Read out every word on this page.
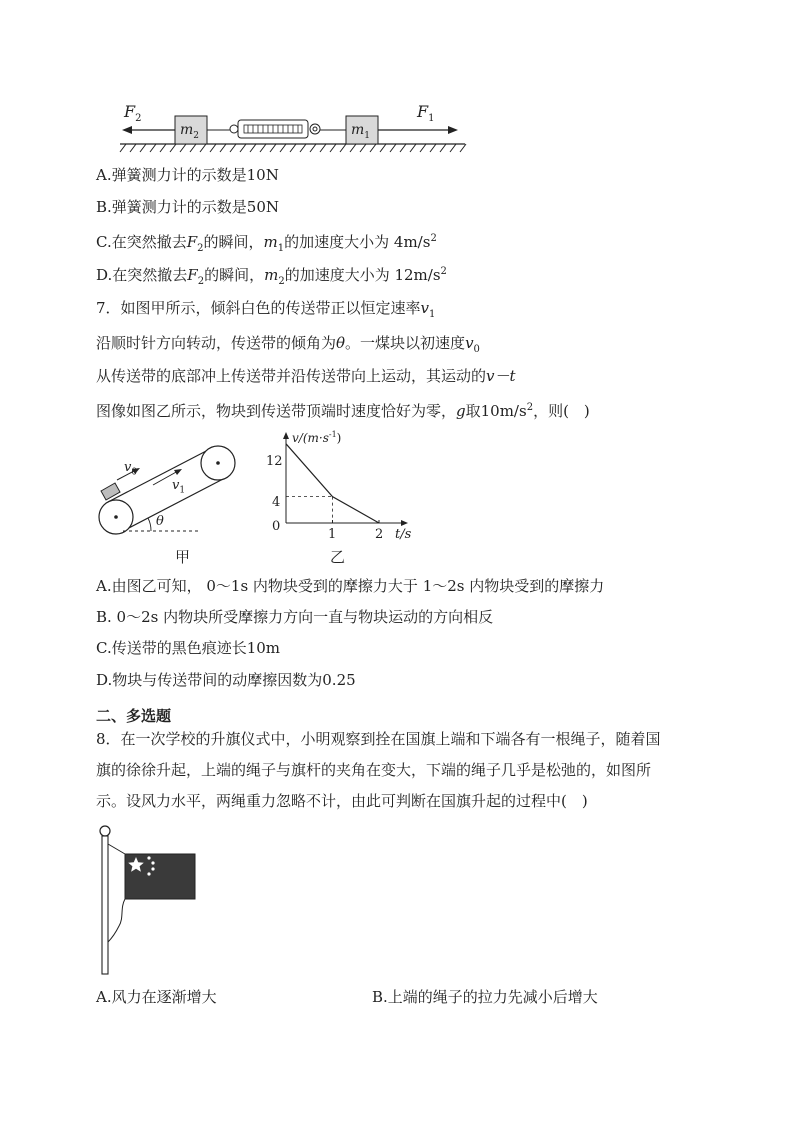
$F_2$
$m_2$	$m_1$
$F_1$
A.弹簧测力计的示数是10N
B.弹簧测力计的示数是50N
C.在突然撤去$F_2$的瞬间，$m_1$的加速度大小为 $4m/s^2$
D.在突然撤去$F_2$的瞬间，$m_2$的加速度大小为 $12m/s^2$
7．如图甲所示，倾斜白色的传送带正以恒定速率$v_1$
沿顺时针方向转动，传送带的倾角为θ。一煤块以初速度$v_0$
从传送带的底部冲上传送带并沿传送带向上运动，其运动的v－t
图像如图乙所示，物块到传送带顶端时速度恰好为零，g取$10m/s^2$，则(　)
$v_0$
$v_1$
θ
甲
$v/(m\cdot s^{-1})$
12
4
0
1	2 t/s
乙
A.由图乙可知， 0～1s 内物块受到的摩擦力大于 1～2s 内物块受到的摩擦力
B. 0～2s 内物块所受摩擦力方向一直与物块运动的方向相反
C.传送带的黑色痕迹长10m
D.物块与传送带间的动摩擦因数为0.25
二、多选题
8．在一次学校的升旗仪式中，小明观察到拴在国旗上端和下端各有一根绳子，随着国
旗的徐徐升起，上端的绳子与旗杆的夹角在变大，下端的绳子几乎是松弛的，如图所
示。设风力水平，两绳重力忽略不计，由此可判断在国旗升起的过程中(　)
A.风力在逐渐增大	B.上端的绳子的拉力先减小后增大
